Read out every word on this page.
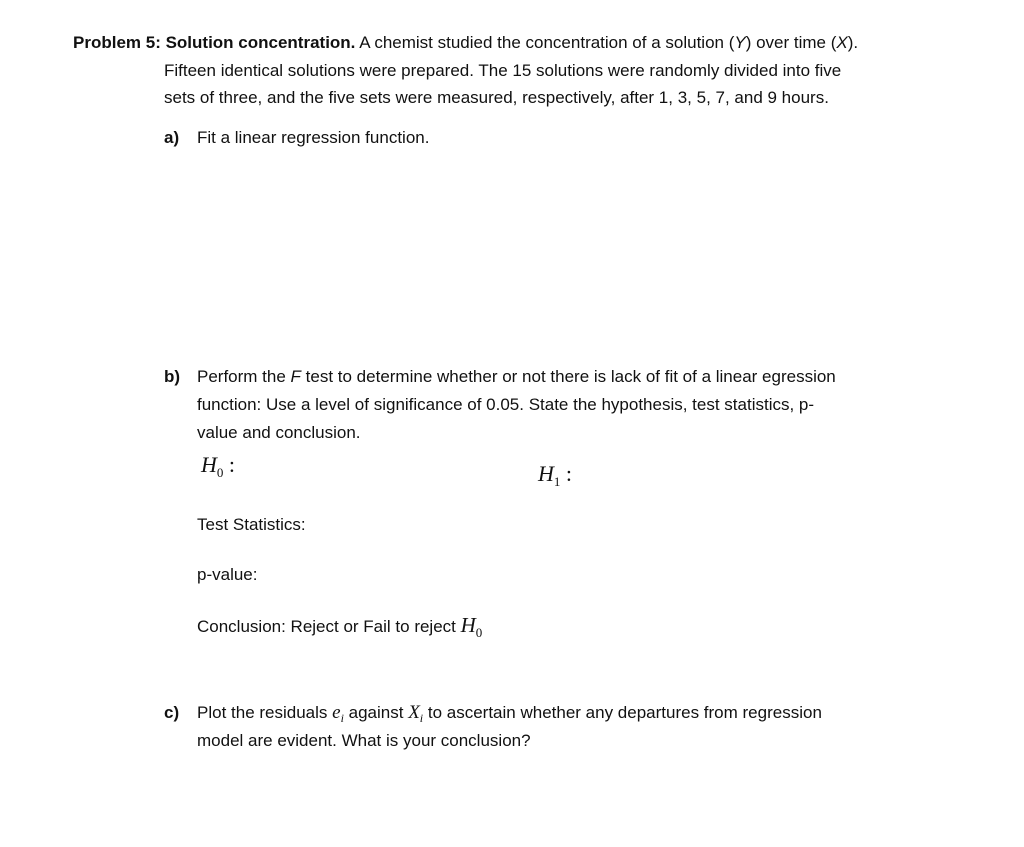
Problem 5: Solution concentration. A chemist studied the concentration of a solution (Y) over time (X).
Fifteen identical solutions were prepared. The 15 solutions were randomly divided into five
sets of three, and the five sets were measured, respectively, after 1, 3, 5, 7, and 9 hours.
a) Fit a linear regression function.
b) Perform the F test to determine whether or not there is lack of fit of a linear egression
function: Use a level of significance of 0.05. State the hypothesis, test statistics, p-
value and conclusion.
$H_0$ :	$H_1$ :
Test Statistics:
p-value:
Conclusion: Reject or Fail to reject $H_0$
c) Plot the residuals $e_i$ against $X_i$ to ascertain whether any departures from regression
model are evident. What is your conclusion?
